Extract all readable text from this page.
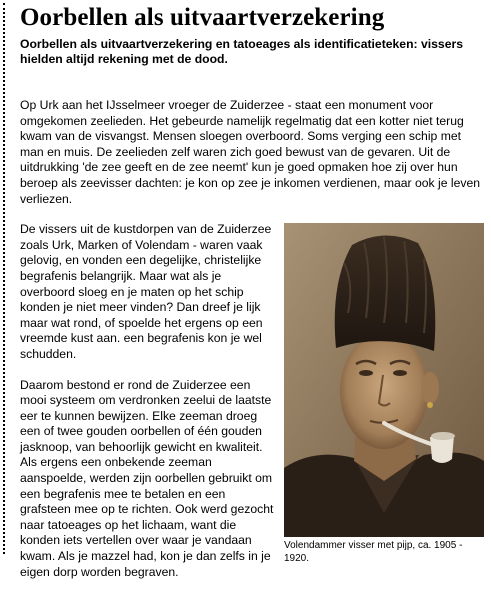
Oorbellen als uitvaartverzekering
Oorbellen als uitvaartverzekering en tatoeages als identificatieteken: vissers hielden altijd rekening met de dood.

Op Urk aan het IJsselmeer vroeger de Zuiderzee - staat een monument voor omgekomen zeelieden. Het gebeurde namelijk regelmatig dat een kotter niet terug kwam van de visvangst. Mensen sloegen overboord. Soms verging een schip met man en muis. De zeelieden zelf waren zich goed bewust van de gevaren. Uit de uitdrukking 'de zee geeft en de zee neemt' kun je goed opmaken hoe zij over hun beroep als zeevisser dachten: je kon op zee je inkomen verdienen, maar ook je leven verliezen.

Volendammer visser met pijp, ca. 1905 - 1920.

De vissers uit de kustdorpen van de Zuiderzee zoals Urk, Marken of Volendam - waren vaak gelovig, en vonden een degelijke, christelijke begrafenis belangrijk. Maar wat als je overboord sloeg en je maten op het schip konden je niet meer vinden? Dan dreef je lijk maar wat rond, of spoelde het ergens op een vreemde kust aan. een begrafenis kon je wel schudden.

Daarom bestond er rond de Zuiderzee een mooi systeem om verdronken zeelui de laatste eer te kunnen bewijzen. Elke zeeman droeg een of twee gouden oorbellen of één gouden jasknoop, van behoorlijk gewicht en kwaliteit. Als ergens een onbekende zeeman aanspoelde, werden zijn oorbellen gebruikt om een begrafenis mee te betalen en een grafsteen mee op te richten. Ook werd gezocht naar tatoeages op het lichaam, want die konden iets vertellen over waar je vandaan kwam. Als je mazzel had, kon je dan zelfs in je eigen dorp worden begraven.
